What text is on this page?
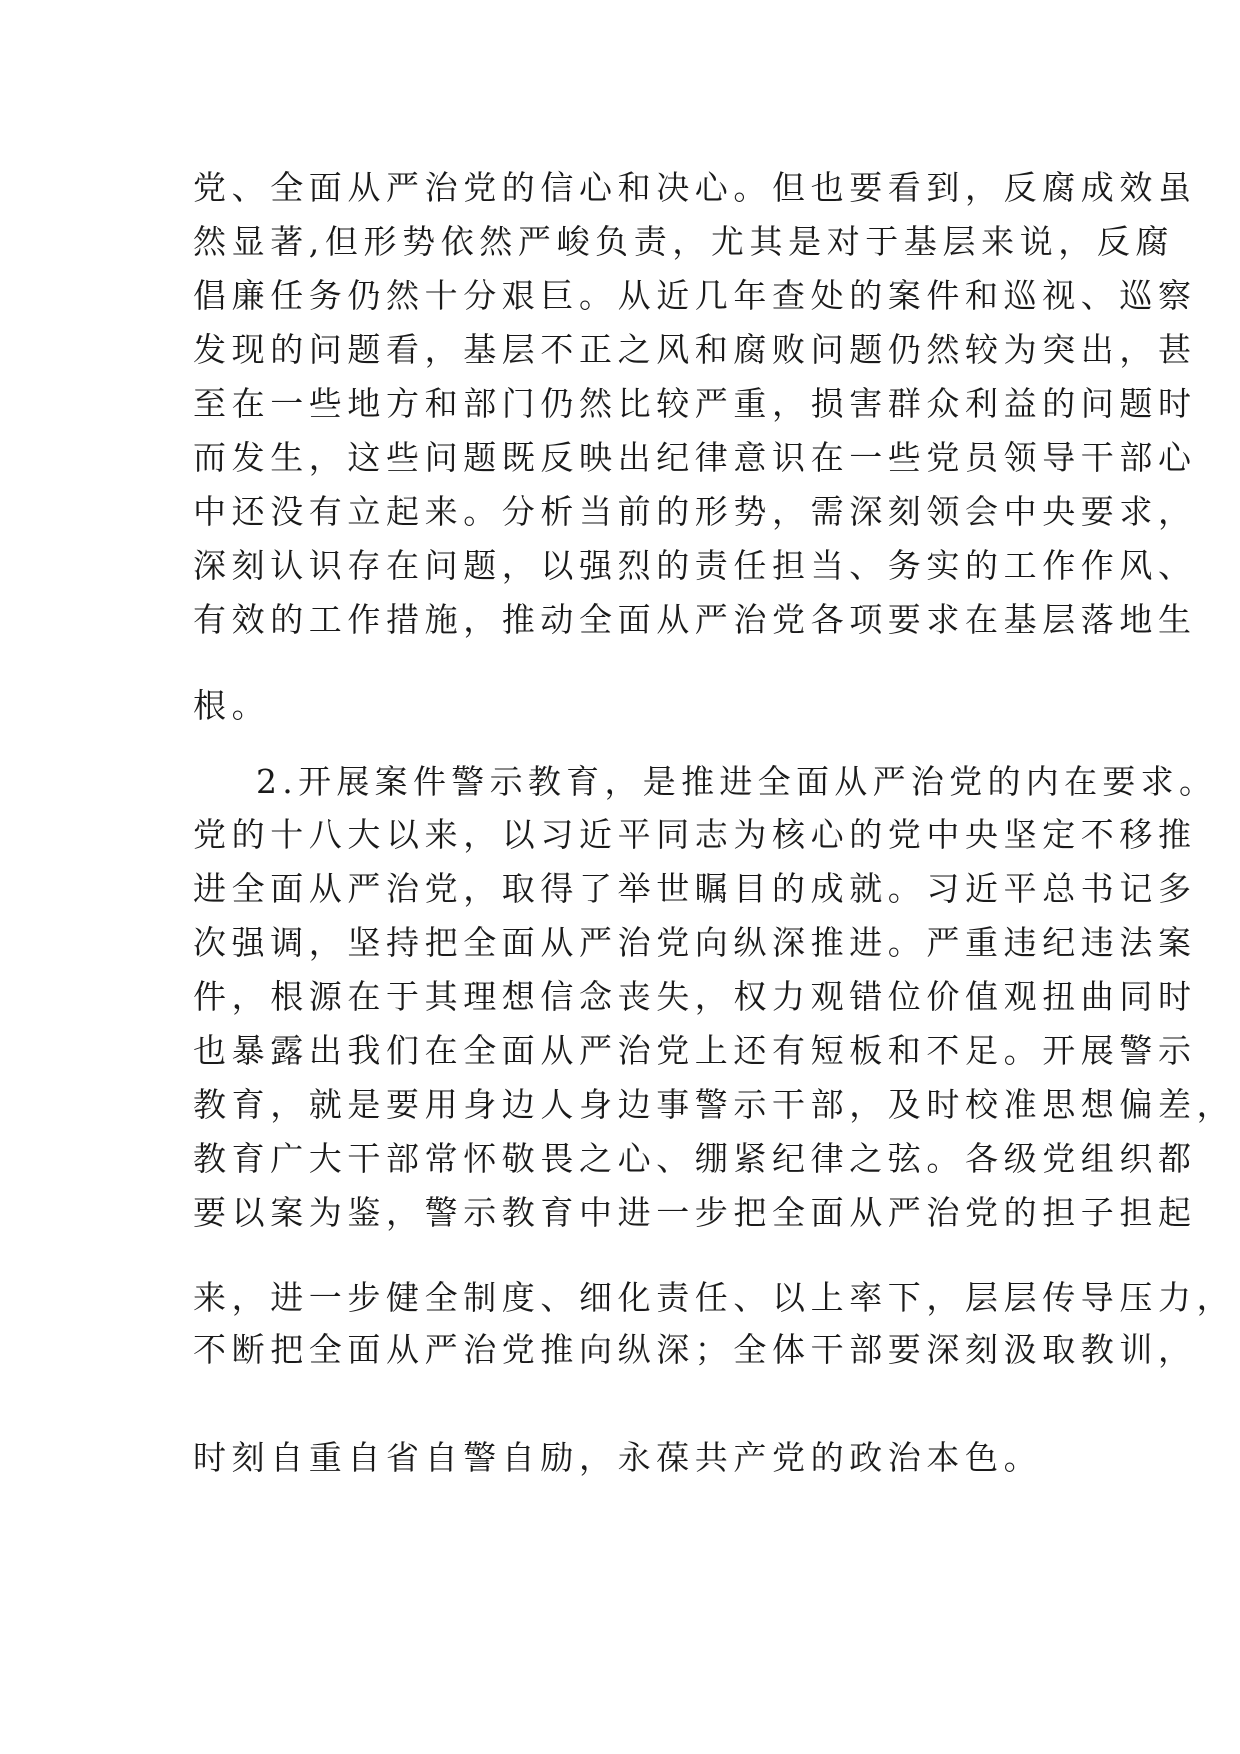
党、全面从严治党的信心和决心。但也要看到，反腐成效虽
然显著,但形势依然严峻负责，尤其是对于基层来说，反腐
倡廉任务仍然十分艰巨。从近几年查处的案件和巡视、巡察
发现的问题看，基层不正之风和腐败问题仍然较为突出，甚
至在一些地方和部门仍然比较严重，损害群众利益的问题时
而发生，这些问题既反映出纪律意识在一些党员领导干部心
中还没有立起来。分析当前的形势，需深刻领会中央要求，
深刻认识存在问题，以强烈的责任担当、务实的工作作风、
有效的工作措施，推动全面从严治党各项要求在基层落地生
根。
2.开展案件警示教育，是推进全面从严治党的内在要求。
党的十八大以来，以习近平同志为核心的党中央坚定不移推
进全面从严治党，取得了举世瞩目的成就。习近平总书记多
次强调，坚持把全面从严治党向纵深推进。严重违纪违法案
件，根源在于其理想信念丧失，权力观错位价值观扭曲同时
也暴露出我们在全面从严治党上还有短板和不足。开展警示
教育，就是要用身边人身边事警示干部，及时校准思想偏差，
教育广大干部常怀敬畏之心、绷紧纪律之弦。各级党组织都
要以案为鉴，警示教育中进一步把全面从严治党的担子担起
来，进一步健全制度、细化责任、以上率下，层层传导压力，
不断把全面从严治党推向纵深；全体干部要深刻汲取教训，
时刻自重自省自警自励，永葆共产党的政治本色。
